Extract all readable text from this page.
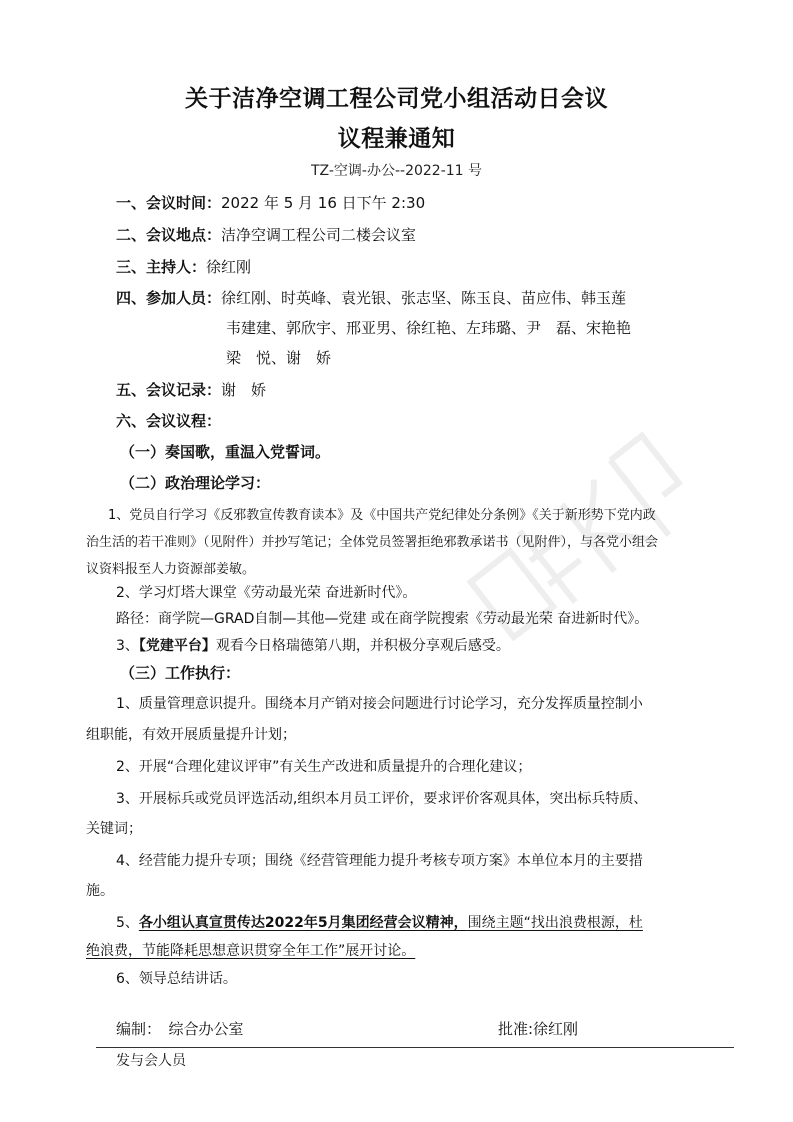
关于洁净空调工程公司党小组活动日会议
议程兼通知
TZ-空调-办公--2022-11 号
一、会议时间：2022 年 5 月 16 日下午 2:30
二、会议地点：洁净空调工程公司二楼会议室
三、主持人：徐红刚
四、参加人员：徐红刚、时英峰、袁光银、张志坚、陈玉良、苗应伟、韩玉莲
韦建建、郭欣宇、邢亚男、徐红艳、左玮璐、尹　磊、宋艳艳
梁　悦、谢　娇
五、会议记录：谢　娇
六、会议议程：
（一）奏国歌，重温入党誓词。
（二）政治理论学习：
1、党员自行学习《反邪教宣传教育读本》及《中国共产党纪律处分条例》《关于新形势下党内政
治生活的若干准则》（见附件）并抄写笔记；全体党员签署拒绝邪教承诺书（见附件），与各党小组会
议资料报至人力资源部姜敏。
2、学习灯塔大课堂《劳动最光荣 奋进新时代》。
路径：商学院—GRAD自制—其他—党建 或在商学院搜索《劳动最光荣 奋进新时代》。
3、【党建平台】观看今日格瑞德第八期，并积极分享观后感受。
（三）工作执行：
1、质量管理意识提升。围绕本月产销对接会问题进行讨论学习，充分发挥质量控制小
组职能，有效开展质量提升计划；
2、开展“合理化建议评审”有关生产改进和质量提升的合理化建议；
3、开展标兵或党员评选活动,组织本月员工评价，要求评价客观具体，突出标兵特质、
关键词；
4、经营能力提升专项；围绕《经营管理能力提升考核专项方案》本单位本月的主要措
施。
5、各小组认真宣贯传达2022年5月集团经营会议精神，围绕主题“找出浪费根源，杜
绝浪费，节能降耗思想意识贯穿全年工作”展开讨论。
6、领导总结讲话。
编制：　综合办公室	批准:徐红刚
发与会人员
